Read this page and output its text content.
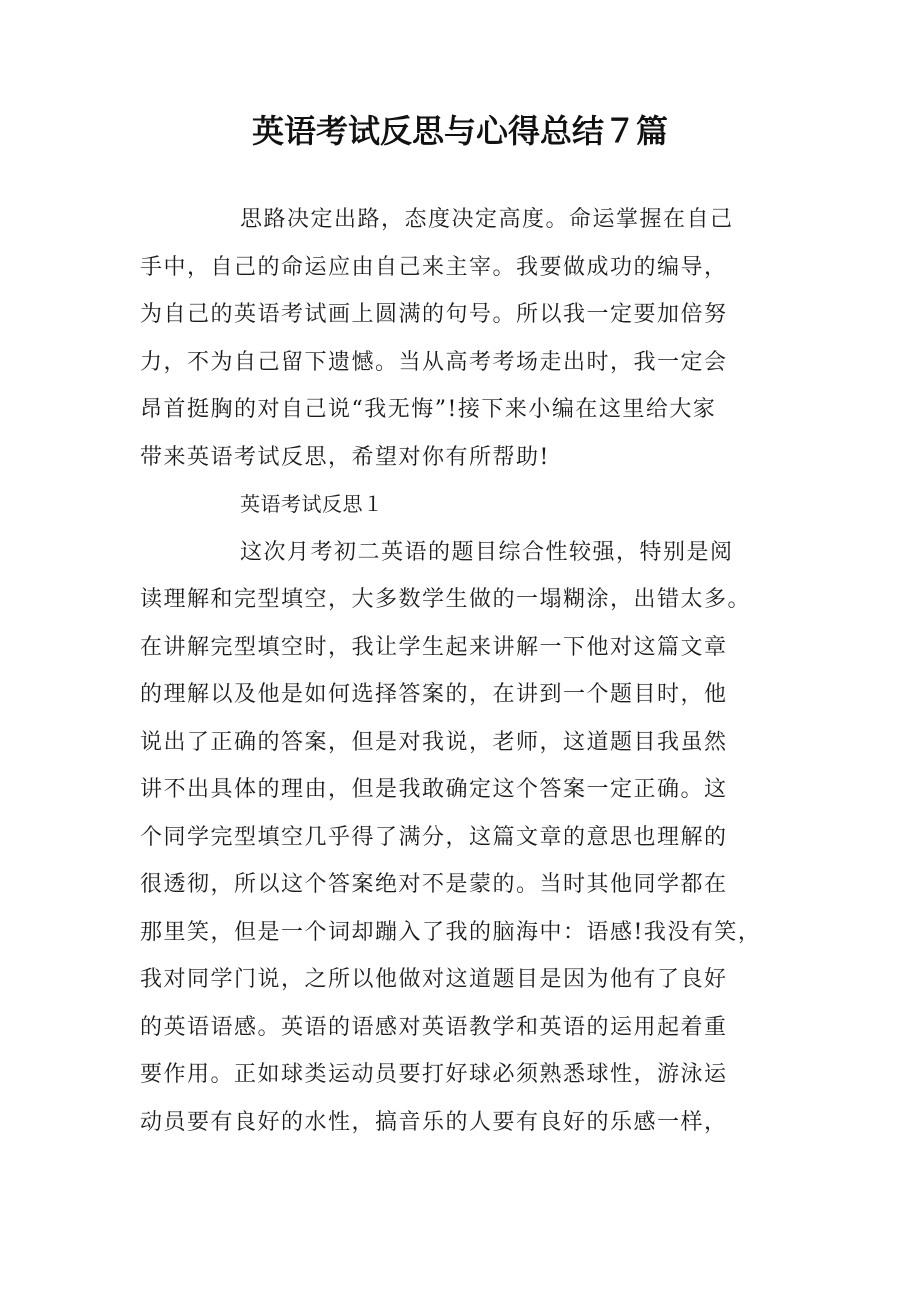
英语考试反思与心得总结７篇
思路决定出路，态度决定高度。命运掌握在自己
手中，自己的命运应由自己来主宰。我要做成功的编导，
为自己的英语考试画上圆满的句号。所以我一定要加倍努
力，不为自己留下遗憾。当从高考考场走出时，我一定会
昂首挺胸的对自己说“我无悔”!接下来小编在这里给大家
带来英语考试反思，希望对你有所帮助!
英语考试反思１
这次月考初二英语的题目综合性较强，特别是阅
读理解和完型填空，大多数学生做的一塌糊涂，出错太多。
在讲解完型填空时，我让学生起来讲解一下他对这篇文章
的理解以及他是如何选择答案的，在讲到一个题目时，他
说出了正确的答案，但是对我说，老师，这道题目我虽然
讲不出具体的理由，但是我敢确定这个答案一定正确。这
个同学完型填空几乎得了满分，这篇文章的意思也理解的
很透彻，所以这个答案绝对不是蒙的。当时其他同学都在
那里笑，但是一个词却蹦入了我的脑海中：语感!我没有笑，
我对同学门说，之所以他做对这道题目是因为他有了良好
的英语语感。英语的语感对英语教学和英语的运用起着重
要作用。正如球类运动员要打好球必须熟悉球性，游泳运
动员要有良好的水性，搞音乐的人要有良好的乐感一样，
